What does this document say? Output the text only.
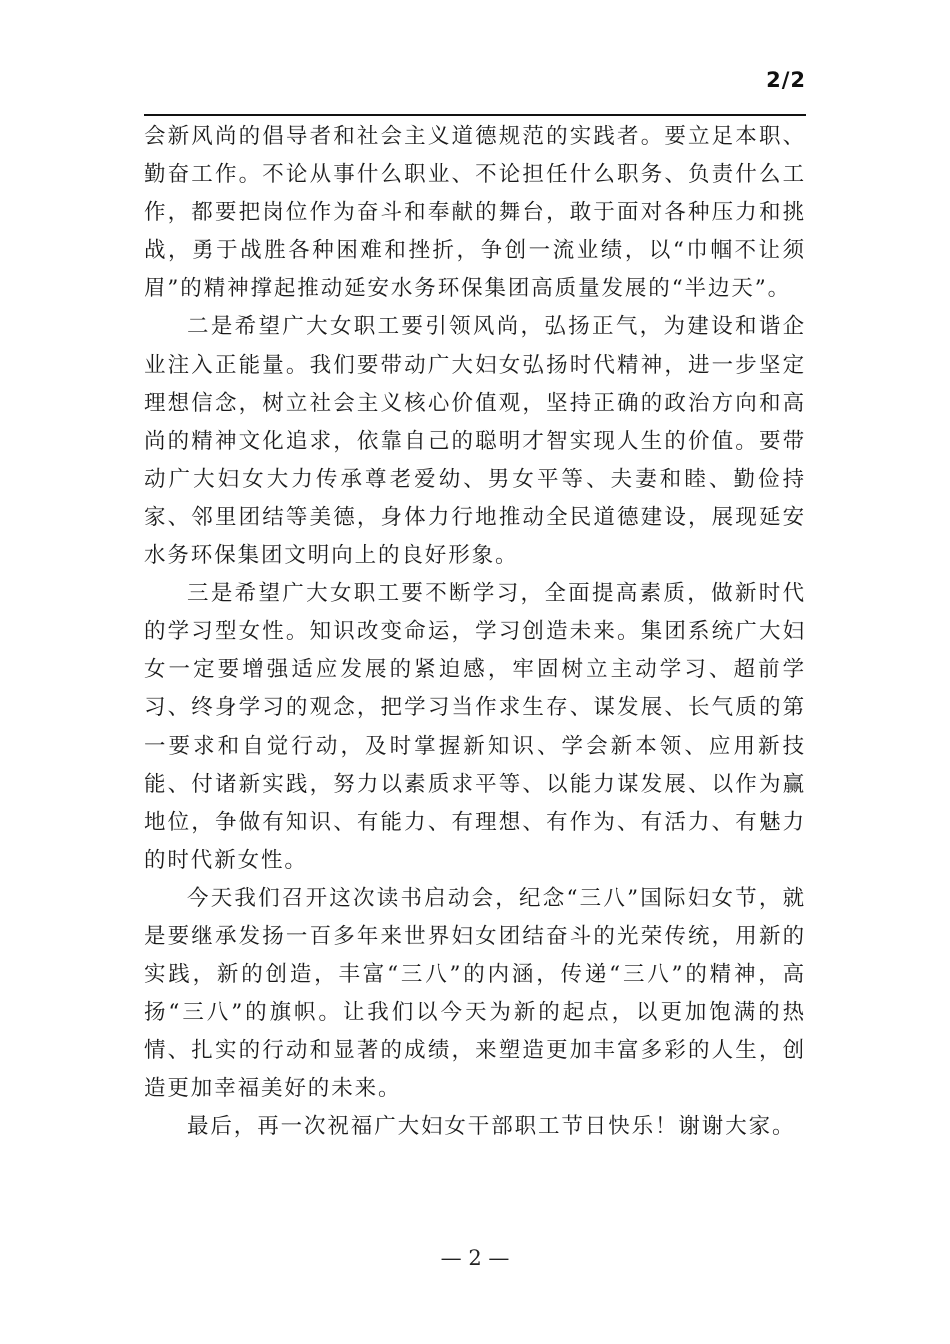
2/2

会新风尚的倡导者和社会主义道德规范的实践者。要立足本职、勤奋工作。不论从事什么职业、不论担任什么职务、负责什么工作，都要把岗位作为奋斗和奉献的舞台，敢于面对各种压力和挑战，勇于战胜各种困难和挫折，争创一流业绩，以“巾帼不让须眉”的精神撑起推动延安水务环保集团高质量发展的“半边天”。

二是希望广大女职工要引领风尚，弘扬正气，为建设和谐企业注入正能量。我们要带动广大妇女弘扬时代精神，进一步坚定理想信念，树立社会主义核心价值观，坚持正确的政治方向和高尚的精神文化追求，依靠自己的聪明才智实现人生的价值。要带动广大妇女大力传承尊老爱幼、男女平等、夫妻和睦、勤俭持家、邻里团结等美德，身体力行地推动全民道德建设，展现延安水务环保集团文明向上的良好形象。

三是希望广大女职工要不断学习，全面提高素质，做新时代的学习型女性。知识改变命运，学习创造未来。集团系统广大妇女一定要增强适应发展的紧迫感，牢固树立主动学习、超前学习、终身学习的观念，把学习当作求生存、谋发展、长气质的第一要求和自觉行动，及时掌握新知识、学会新本领、应用新技能、付诸新实践，努力以素质求平等、以能力谋发展、以作为赢地位，争做有知识、有能力、有理想、有作为、有活力、有魅力的时代新女性。

今天我们召开这次读书启动会，纪念“三八”国际妇女节，就是要继承发扬一百多年来世界妇女团结奋斗的光荣传统，用新的实践，新的创造，丰富“三八”的内涵，传递“三八”的精神，高扬“三八”的旗帜。让我们以今天为新的起点，以更加饱满的热情、扎实的行动和显著的成绩，来塑造更加丰富多彩的人生，创造更加幸福美好的未来。

最后，再一次祝福广大妇女干部职工节日快乐！谢谢大家。

— 2 —
